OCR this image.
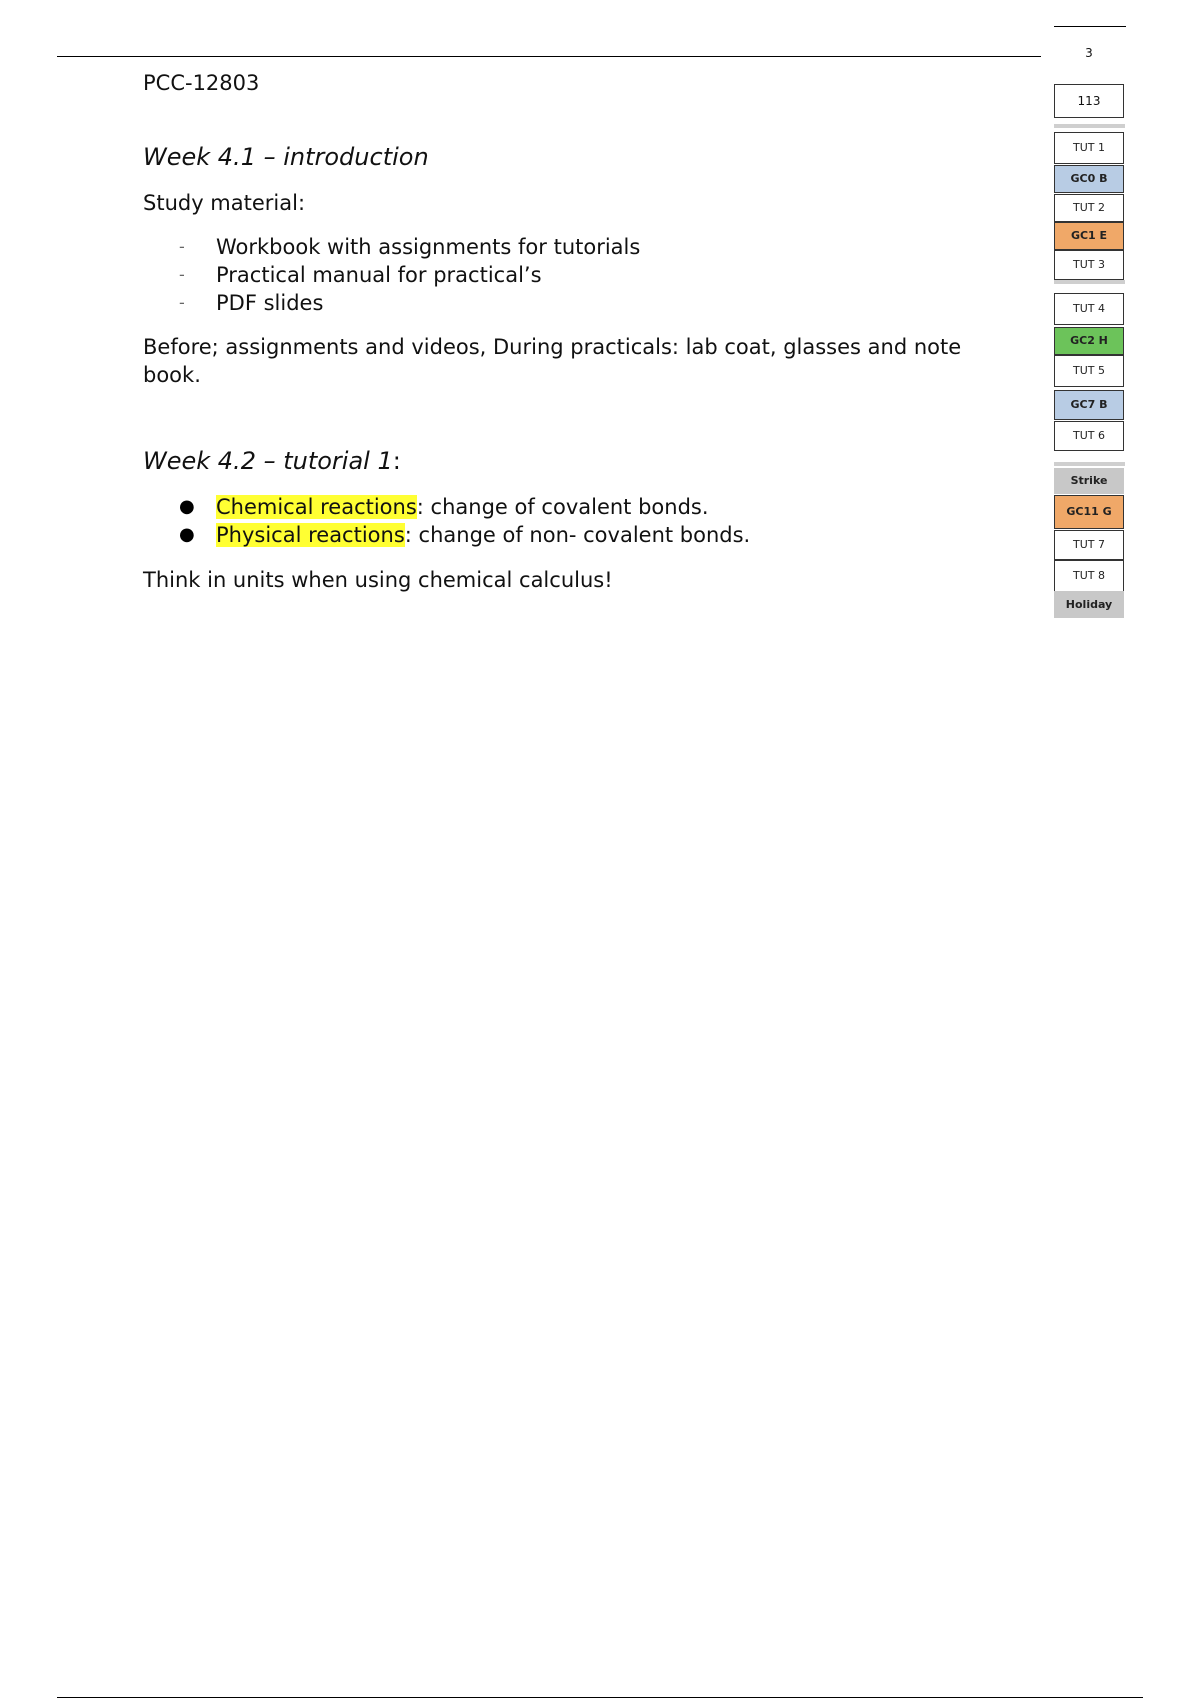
PCC-12803
Week 4.1 – introduction
Study material:
- Workbook with assignments for tutorials
- Practical manual for practical’s
- PDF slides
Before; assignments and videos, During practicals: lab coat, glasses and note book.
Week 4.2 – tutorial 1:
● Chemical reactions: change of covalent bonds.
● Physical reactions: change of non- covalent bonds.
Think in units when using chemical calculus!
3
113
TUT 1
GC0 B
TUT 2
GC1 E
TUT 3
TUT 4
GC2 H
TUT 5
GC7 B
TUT 6
Strike
GC11 G
TUT 7
TUT 8
Holiday
